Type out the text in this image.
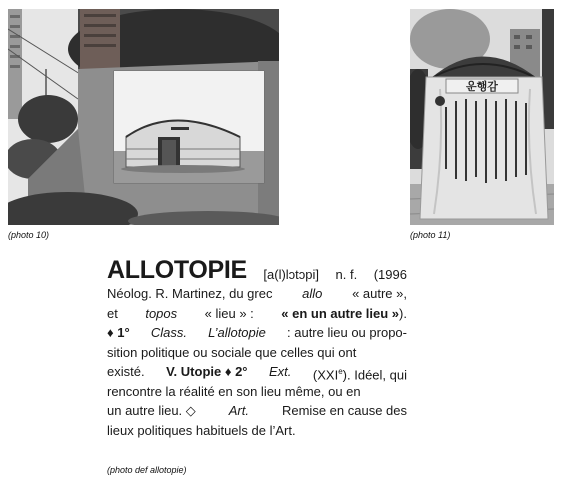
운행감
(photo 10)	(photo 11)
ALLOTOPIE [a(l)lɔtɔpi] n. f. (1996
Néolog. R. Martinez, du grec allo « autre »,
et topos « lieu » : « en un autre lieu »).
♦ 1° Class. L’allotopie : autre lieu ou propo-
sition politique ou sociale que celles qui ont
existé. V. Utopie ♦ 2° Ext. (XXIe). Idéel, qui
rencontre la réalité en son lieu même, ou en
un autre lieu. ◇	Art.	Remise en cause des
lieux politiques habituels de l’Art.
(photo def allotopie)
